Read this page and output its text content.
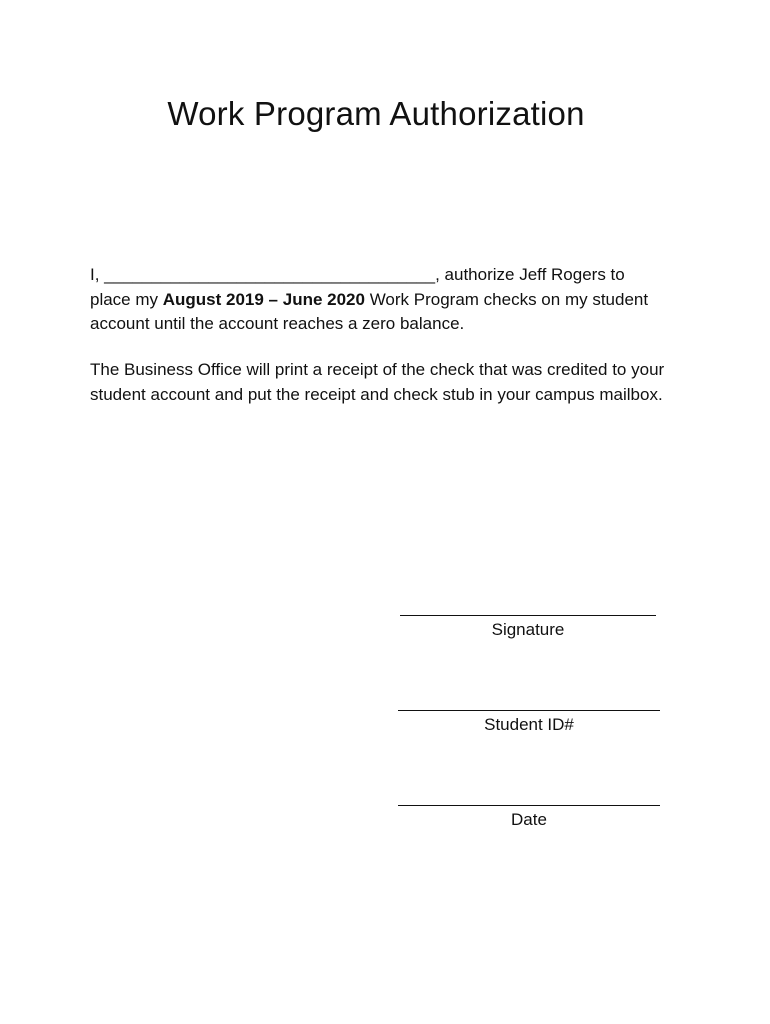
Work Program Authorization

I, ___________________________________, authorize Jeff Rogers to place my August 2019 – June 2020 Work Program checks on my student account until the account reaches a zero balance.

The Business Office will print a receipt of the check that was credited to your student account and put the receipt and check stub in your campus mailbox.

Signature
Student ID#
Date
